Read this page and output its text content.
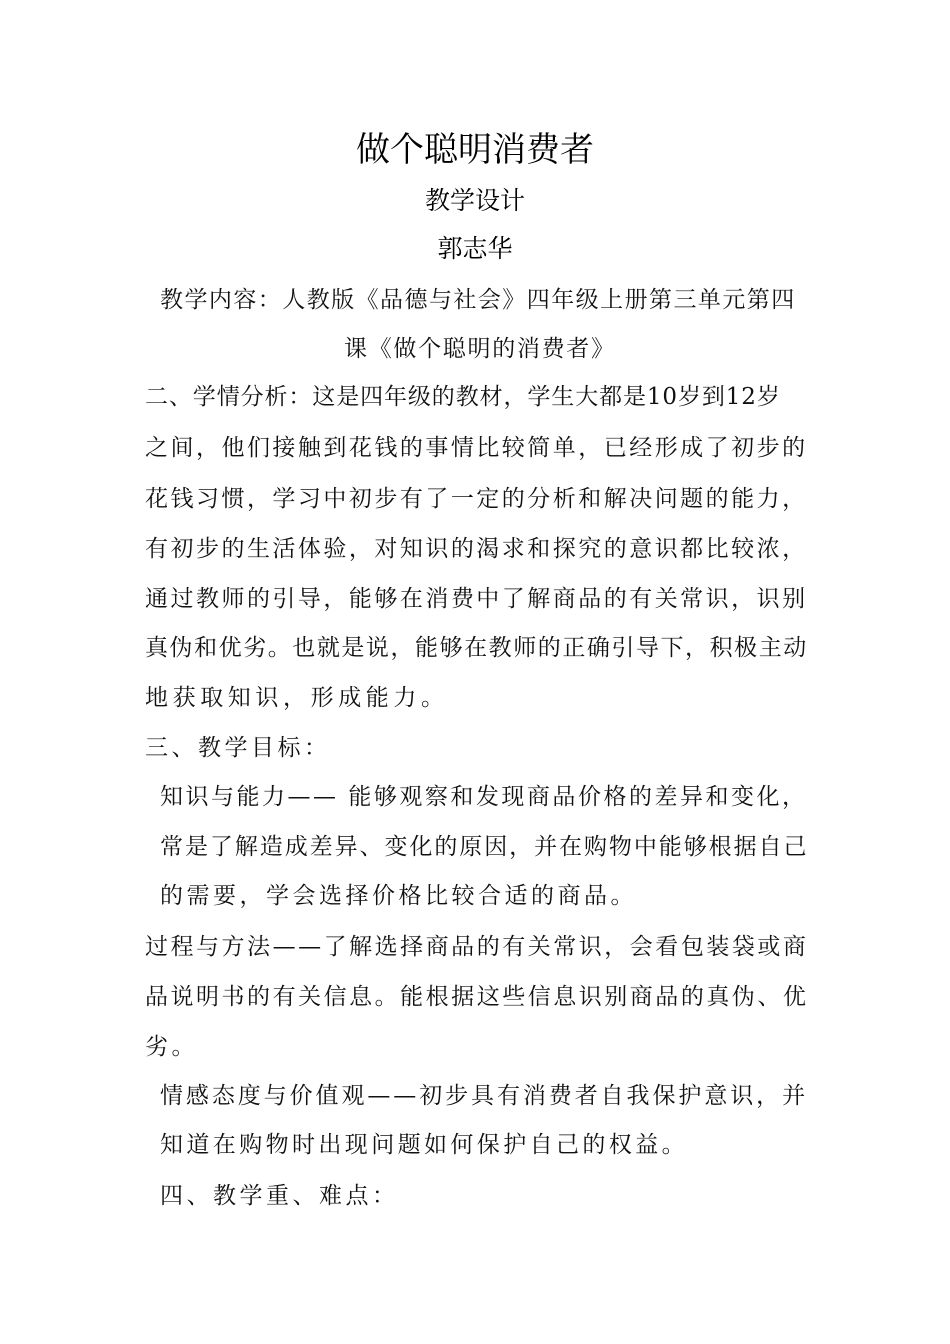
做个聪明消费者
教学设计
郭志华
教学内容：人教版《品德与社会》四年级上册第三单元第四
课《做个聪明的消费者》
二、学情分析：这是四年级的教材，学生大都是10岁到12岁
之间，他们接触到花钱的事情比较简单，已经形成了初步的
花钱习惯，学习中初步有了一定的分析和解决问题的能力，
有初步的生活体验，对知识的渴求和探究的意识都比较浓，
通过教师的引导，能够在消费中了解商品的有关常识，识别
真伪和优劣。也就是说，能够在教师的正确引导下，积极主动
地获取知识，形成能力。
三、教学目标：
知识与能力—— 能够观察和发现商品价格的差异和变化，
常是了解造成差异、变化的原因，并在购物中能够根据自己
的需要，学会选择价格比较合适的商品。
过程与方法——了解选择商品的有关常识，会看包装袋或商
品说明书的有关信息。能根据这些信息识别商品的真伪、优
劣。
情感态度与价值观——初步具有消费者自我保护意识，并
知道在购物时出现问题如何保护自己的权益。
四、教学重、难点：
